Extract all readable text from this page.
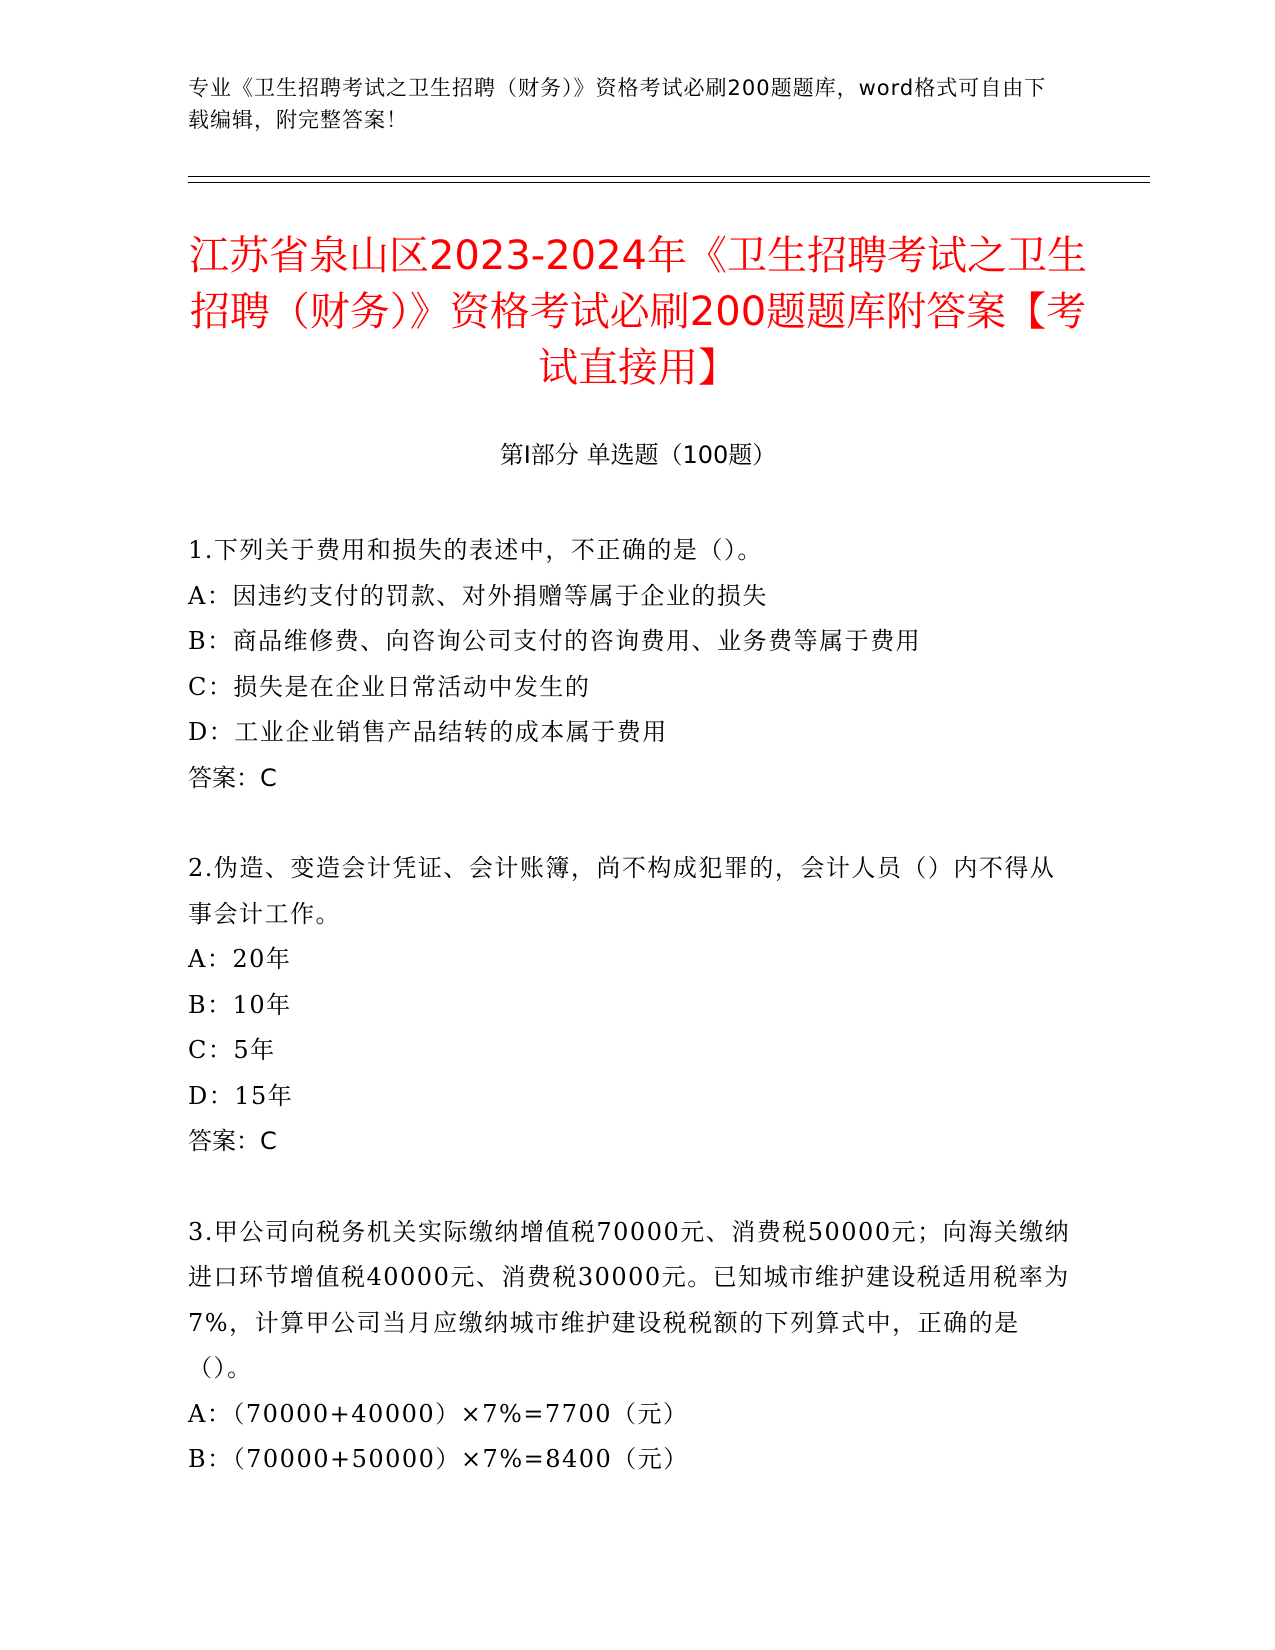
专业《卫生招聘考试之卫生招聘（财务）》资格考试必刷200题题库，word格式可自由下载编辑，附完整答案！
江苏省泉山区2023-2024年《卫生招聘考试之卫生招聘（财务）》资格考试必刷200题题库附答案【考试直接用】
第Ⅰ部分 单选题（100题）
1.下列关于费用和损失的表述中，不正确的是（）。
A：因违约支付的罚款、对外捐赠等属于企业的损失
B：商品维修费、向咨询公司支付的咨询费用、业务费等属于费用
C：损失是在企业日常活动中发生的
D：工业企业销售产品结转的成本属于费用
答案：C
2.伪造、变造会计凭证、会计账簿，尚不构成犯罪的，会计人员（）内不得从事会计工作。
A：20年
B：10年
C：5年
D：15年
答案：C
3.甲公司向税务机关实际缴纳增值税70000元、消费税50000元；向海关缴纳进口环节增值税40000元、消费税30000元。已知城市维护建设税适用税率为7%，计算甲公司当月应缴纳城市维护建设税税额的下列算式中，正确的是（）。
A：（70000+40000）×7%=7700（元）
B：（70000+50000）×7%=8400（元）
